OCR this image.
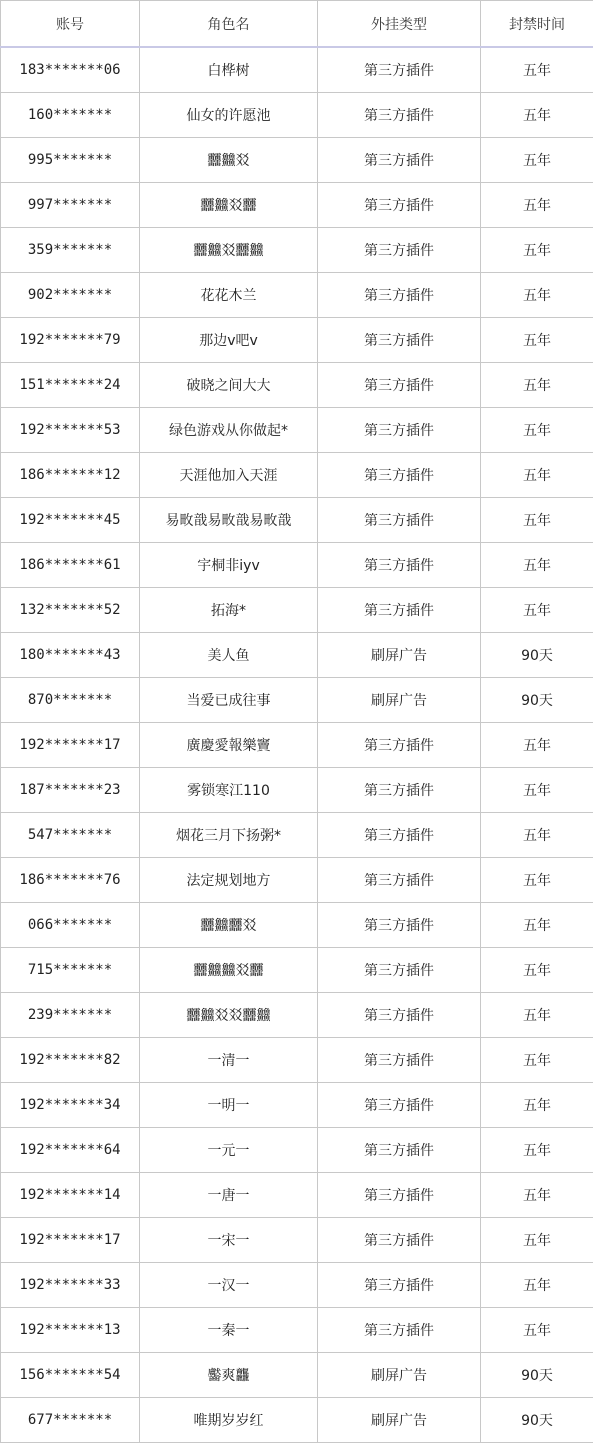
账号	角色名	外挂类型	封禁时间
183*******06	白桦树	第三方插件	五年
160*******	仙女的许愿池	第三方插件	五年
995*******	䨻䲜㸚	第三方插件	五年
997*******	䨻䲜㸚䨻	第三方插件	五年
359*******	䨻䲜㸚䨻䲜	第三方插件	五年
902*******	花花木兰	第三方插件	五年
192*******79	那边v吧v	第三方插件	五年
151*******24	破晓之间大大	第三方插件	五年
192*******53	绿色游戏从你做起*	第三方插件	五年
186*******12	天涯他加入天涯	第三方插件	五年
192*******45	易畋戠易畋戠易畋戠	第三方插件	五年
186*******61	宇桐非iyv	第三方插件	五年
132*******52	拓海*	第三方插件	五年
180*******43	美人鱼	刷屏广告	90天
870*******	当爱已成往事	刷屏广告	90天
192*******17	廣慶愛報樂竇	第三方插件	五年
187*******23	雾锁寒江110	第三方插件	五年
547*******	烟花三月下扬粥*	第三方插件	五年
186*******76	法定规划地方	第三方插件	五年
066*******	䨻䲜䨻㸚	第三方插件	五年
715*******	䨻䲜䲜㸚䨻	第三方插件	五年
239*******	䨻䲜㸚㸚䨻䲜	第三方插件	五年
192*******82	一清一	第三方插件	五年
192*******34	一明一	第三方插件	五年
192*******64	一元一	第三方插件	五年
192*******14	一唐一	第三方插件	五年
192*******17	一宋一	第三方插件	五年
192*******33	一汉一	第三方插件	五年
192*******13	一秦一	第三方插件	五年
156*******54	齾爽龘	刷屏广告	90天
677*******	唯期岁岁红	刷屏广告	90天
